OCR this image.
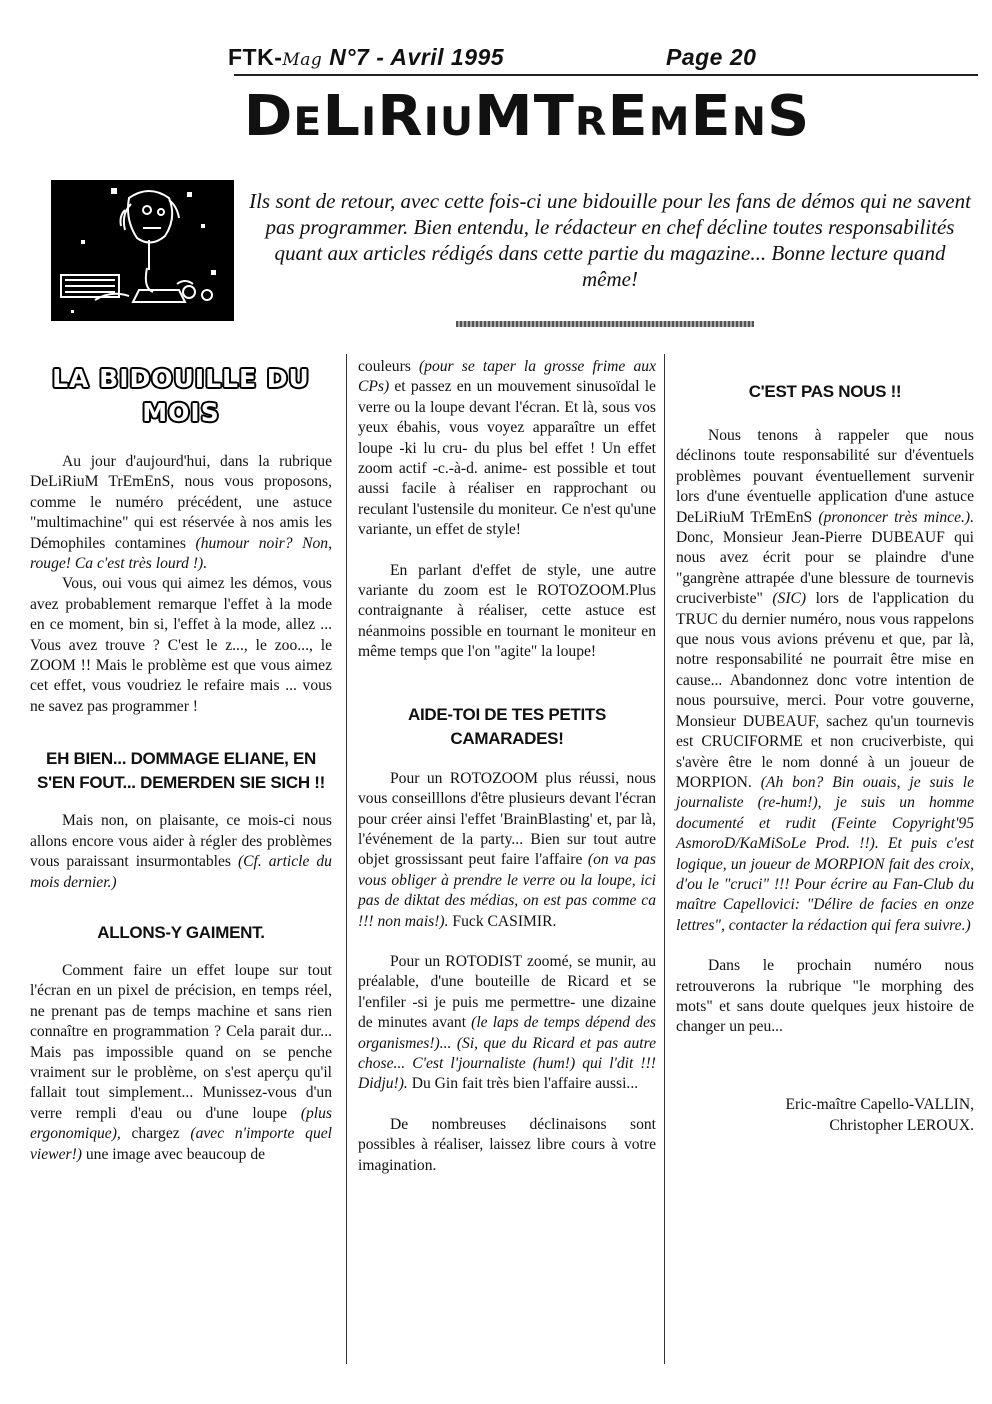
FTK-Mag N°7 - Avril 1995	Page 20
DeLiRiuMTrEmEnS
Ils sont de retour, avec cette fois-ci une bidouille pour les fans de démos qui ne savent pas programmer. Bien entendu, le rédacteur en chef décline toutes responsabilités quant aux articles rédigés dans cette partie du magazine... Bonne lecture quand même!

LA BIDOUILLE DU MOIS

Au jour d'aujourd'hui, dans la rubrique DeLiRiuM TrEmEnS, nous vous proposons, comme le numéro précédent, une astuce "multimachine" qui est réservée à nos amis les Démophiles contamines (humour noir? Non, rouge! Ca c'est très lourd !).

Vous, oui vous qui aimez les démos, vous avez probablement remarque l'effet à la mode en ce moment, bin si, l'effet à la mode, allez ... Vous avez trouve ? C'est le z..., le zoo..., le ZOOM !! Mais le problème est que vous aimez cet effet, vous voudriez le refaire mais ... vous ne savez pas programmer !

EH BIEN... DOMMAGE ELIANE, EN S'EN FOUT... DEMERDEN SIE SICH !!

Mais non, on plaisante, ce mois-ci nous allons encore vous aider à régler des problèmes vous paraissant insurmontables (Cf. article du mois dernier.)

ALLONS-Y GAIMENT.

Comment faire un effet loupe sur tout l'écran en un pixel de précision, en temps réel, ne prenant pas de temps machine et sans rien connaître en programmation ? Cela parait dur... Mais pas impossible quand on se penche vraiment sur le problème, on s'est aperçu qu'il fallait tout simplement... Munissez-vous d'un verre rempli d'eau ou d'une loupe (plus ergonomique), chargez (avec n'importe quel viewer!) une image avec beaucoup de

couleurs (pour se taper la grosse frime aux CPs) et passez en un mouvement sinusoïdal le verre ou la loupe devant l'écran. Et là, sous vos yeux ébahis, vous voyez apparaître un effet loupe -ki lu cru- du plus bel effet ! Un effet zoom actif -c.-à-d. anime- est possible et tout aussi facile à réaliser en rapprochant ou reculant l'ustensile du moniteur. Ce n'est qu'une variante, un effet de style!

En parlant d'effet de style, une autre variante du zoom est le ROTOZOOM.Plus contraignante à réaliser, cette astuce est néanmoins possible en tournant le moniteur en même temps que l'on "agite" la loupe!

AIDE-TOI DE TES PETITS CAMARADES!

Pour un ROTOZOOM plus réussi, nous vous conseilllons d'être plusieurs devant l'écran pour créer ainsi l'effet 'BrainBlasting' et, par là, l'événement de la party... Bien sur tout autre objet grossissant peut faire l'affaire (on va pas vous obliger à prendre le verre ou la loupe, ici pas de diktat des médias, on est pas comme ca !!! non mais!). Fuck CASIMIR.

Pour un ROTODIST zoomé, se munir, au préalable, d'une bouteille de Ricard et se l'enfiler -si je puis me permettre- une dizaine de minutes avant (le laps de temps dépend des organismes!)... (Si, que du Ricard et pas autre chose... C'est l'journaliste (hum!) qui l'dit !!! Didju!). Du Gin fait très bien l'affaire aussi...

De nombreuses déclinaisons sont possibles à réaliser, laissez libre cours à votre imagination.

C'EST PAS NOUS !!

Nous tenons à rappeler que nous déclinons toute responsabilité sur d'éventuels problèmes pouvant éventuellement survenir lors d'une éventuelle application d'une astuce DeLiRiuM TrEmEnS (prononcer très mince.). Donc, Monsieur Jean-Pierre DUBEAUF qui nous avez écrit pour se plaindre d'une "gangrène attrapée d'une blessure de tournevis cruciverbiste" (SIC) lors de l'application du TRUC du dernier numéro, nous vous rappelons que nous vous avions prévenu et que, par là, notre responsabilité ne pourrait être mise en cause... Abandonnez donc votre intention de nous poursuive, merci. Pour votre gouverne, Monsieur DUBEAUF, sachez qu'un tournevis est CRUCIFORME et non cruciverbiste, qui s'avère être le nom donné à un joueur de MORPION. (Ah bon? Bin ouais, je suis le journaliste (re-hum!), je suis un homme documenté et rudit (Feinte Copyright'95 AsmoroD/KaMiSoLe Prod. !!). Et puis c'est logique, un joueur de MORPION fait des croix, d'ou le "cruci" !!! Pour écrire au Fan-Club du maître Capellovici: "Délire de facies en onze lettres", contacter la rédaction qui fera suivre.)

Dans le prochain numéro nous retrouverons la rubrique "le morphing des mots" et sans doute quelques jeux histoire de changer un peu...

Eric-maître Capello-VALLIN,

Christopher LEROUX.
